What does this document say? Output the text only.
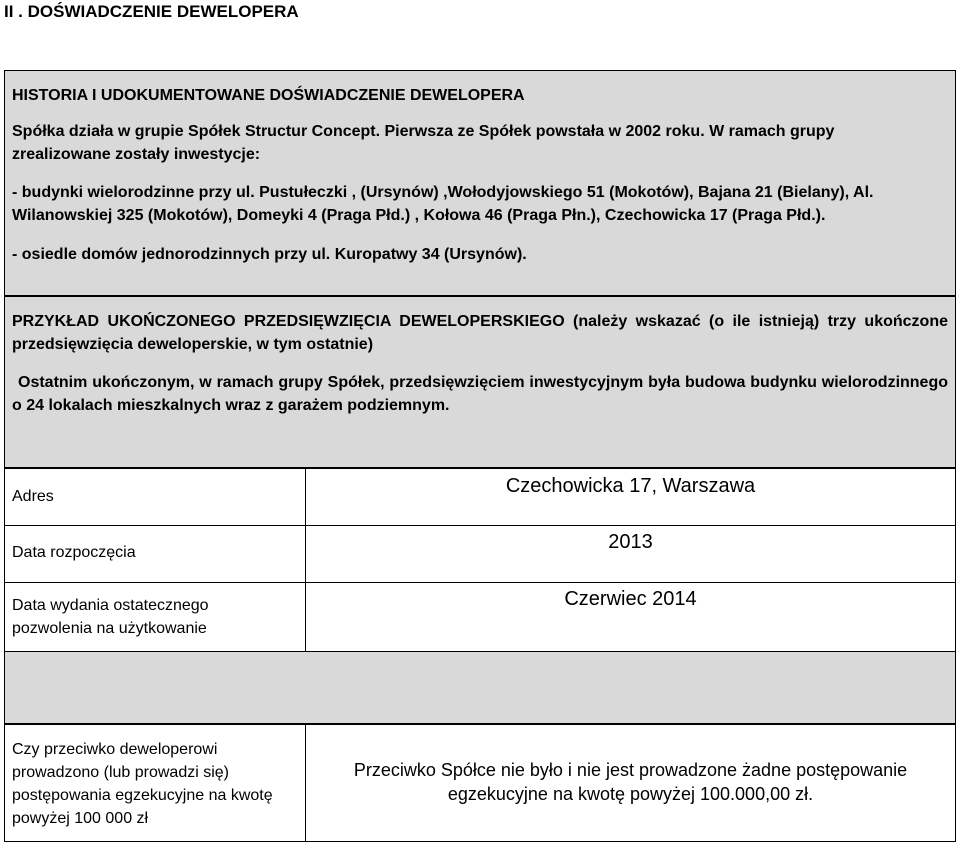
II . DOŚWIADCZENIE DEWELOPERA
HISTORIA I UDOKUMENTOWANE DOŚWIADCZENIE DEWELOPERA
Spółka działa w grupie Spółek Structur Concept. Pierwsza ze Spółek powstała w 2002 roku. W ramach grupy zrealizowane zostały inwestycje:
- budynki wielorodzinne przy ul. Pustułeczki , (Ursynów) ,Wołodyjowskiego 51 (Mokotów), Bajana 21 (Bielany), Al. Wilanowskiej 325 (Mokotów), Domeyki 4 (Praga Płd.) , Kołowa 46 (Praga Płn.), Czechowicka 17 (Praga Płd.).
- osiedle domów jednorodzinnych przy ul. Kuropatwy 34 (Ursynów).
PRZYKŁAD UKOŃCZONEGO PRZEDSIĘWZIĘCIA DEWELOPERSKIEGO (należy wskazać (o ile istnieją) trzy ukończone przedsięwzięcia deweloperskie, w tym ostatnie)
Ostatnim ukończonym, w ramach grupy Spółek, przedsięwzięciem inwestycyjnym była budowa budynku wielorodzinnego o 24 lokalach mieszkalnych wraz z garażem podziemnym.
Adres	Czechowicka 17, Warszawa
Data rozpoczęcia	2013
Data wydania ostatecznego pozwolenia na użytkowanie
Czerwiec 2014
Czy przeciwko deweloperowi prowadzono (lub prowadzi się) postępowania egzekucyjne na kwotę powyżej 100 000 zł
Przeciwko Spółce nie było i nie jest prowadzone żadne postępowanie egzekucyjne na kwotę powyżej 100.000,00 zł.
